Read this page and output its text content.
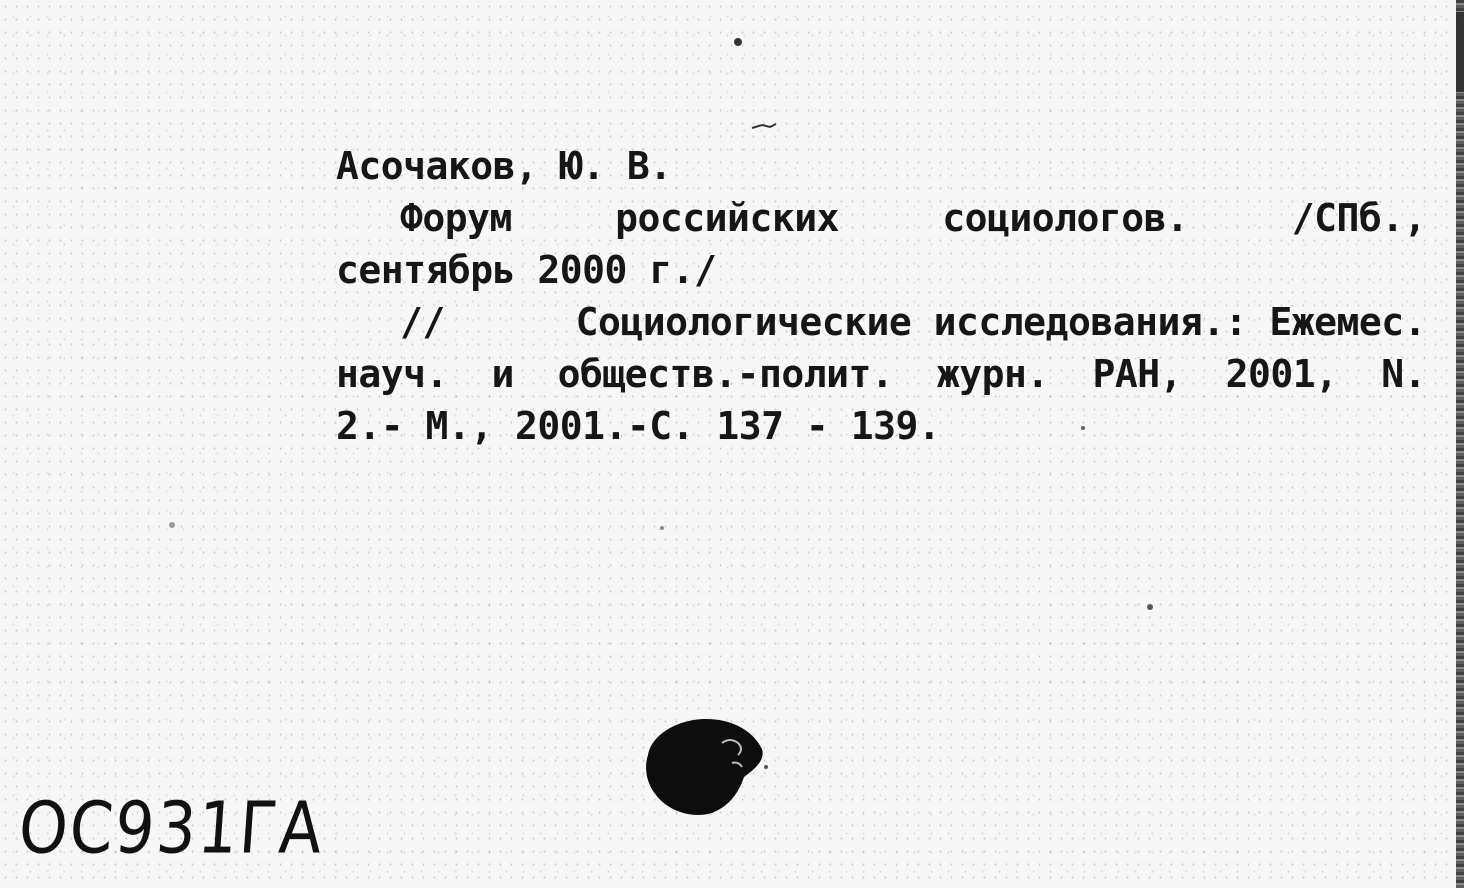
Асочаков, Ю. В.
Форум	российских	социологов.	/СПб.,
сентябрь 2000 г./
//	Социологические исследования.: Ежемес.
науч. и обществ.-полит. журн. РАН, 2001, N.
2.- М., 2001.-С. 137 - 139.
ОС931ГА
